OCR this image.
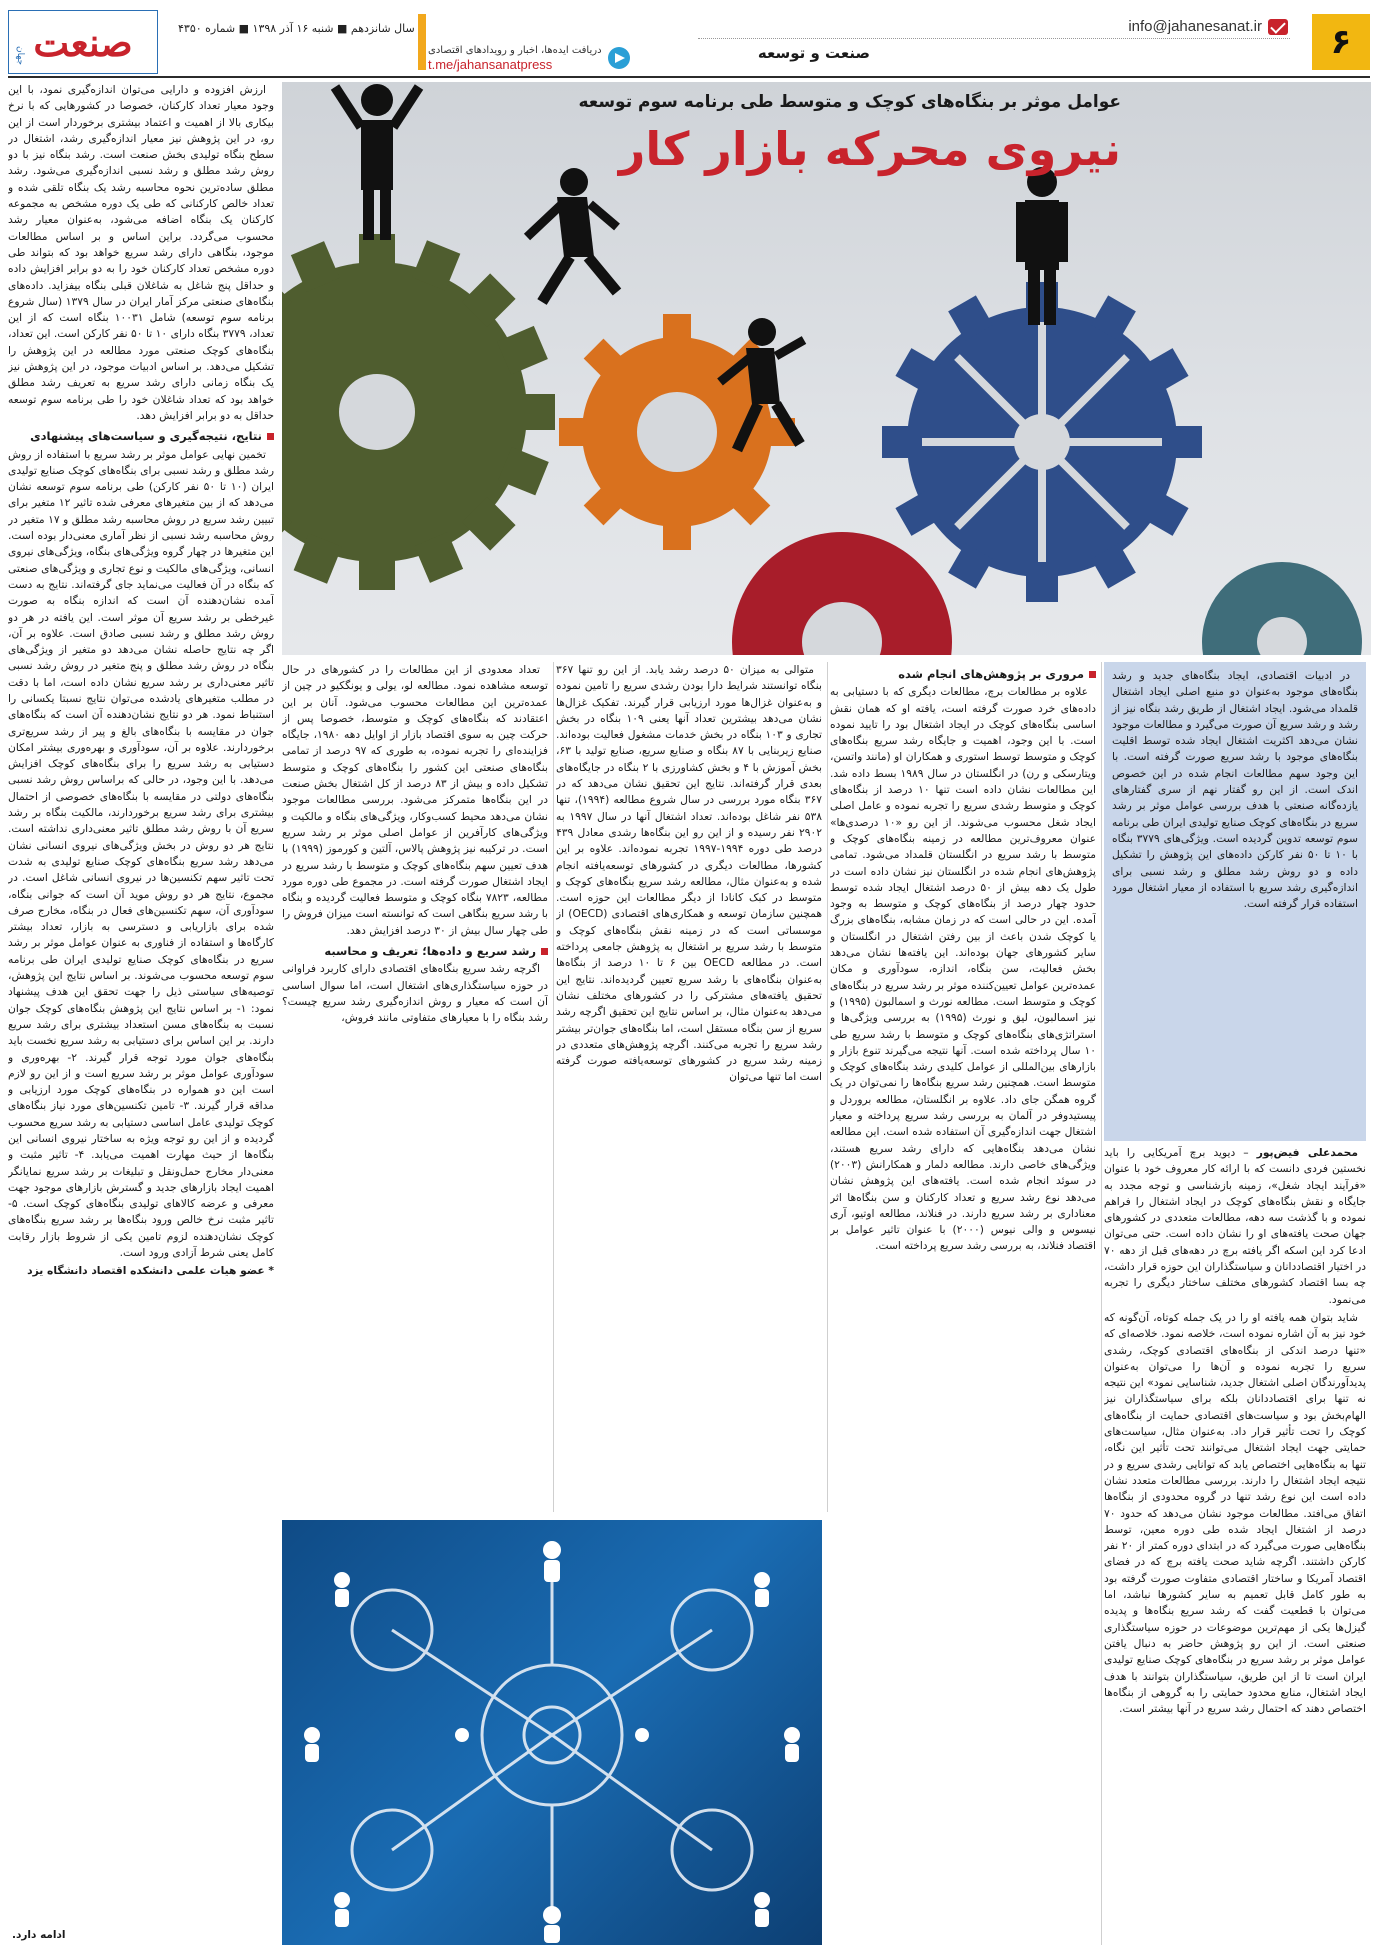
۶
info@jahanesanat.ir
صنعت و توسعه
دریافت ایده‌ها، اخبار و رویدادهای اقتصادی
t.me/jahansanatpress
سال شانزدهم ■ شنبه ۱۶ آذر ۱۳۹۸ ■ شماره ۴۳۵۰
صنعت
جهان
عوامل موثر بر بنگاه‌های کوچک و متوسط طی برنامه سوم توسعه
نیروی محرکه بازار کار

در ادبیات اقتصادی، ایجاد بنگاه‌های جدید و رشد بنگاه‌های موجود به‌عنوان دو منبع اصلی ایجاد اشتغال قلمداد می‌شود. ایجاد اشتغال از طریق رشد بنگاه نیز از رشد و رشد سریع آن صورت می‌گیرد و مطالعات موجود نشان می‌دهد اکثریت اشتغال ایجاد شده توسط اقلیت بنگاه‌های موجود با رشد سریع صورت گرفته است. با این وجود سهم مطالعات انجام شده در این خصوص اندک است. از این رو گفتار نهم از سری گفتارهای یازده‌گانه صنعتی با هدف بررسی عوامل موثر بر رشد سریع در بنگاه‌های کوچک صنایع تولیدی ایران طی برنامه سوم توسعه تدوین گردیده است. ویژگی‌های ۳۷۷۹ بنگاه با ۱۰ تا ۵۰ نفر کارکن داده‌های این پژوهش را تشکیل داده و دو روش رشد مطلق و رشد نسبی برای اندازه‌گیری رشد سریع با استفاده از معیار اشتغال مورد استفاده قرار گرفته است.

محمدعلی فیض‌پور – دیوید برچ آمریکایی را باید نخستین فردی دانست که با ارائه کار معروف خود با عنوان «فرآیند ایجاد شغل»، زمینه بازشناسی و توجه مجدد به جایگاه و نقش بنگاه‌های کوچک در ایجاد اشتغال را فراهم نموده و با گذشت سه دهه، مطالعات متعددی در کشورهای جهان صحت یافته‌های او را نشان داده است. حتی می‌توان ادعا کرد این اسکه اگر یافته برچ در دهه‌های قبل از دهه ۷۰ در اختیار اقتصاددانان و سیاستگذاران این حوزه قرار داشت، چه بسا اقتصاد کشورهای مختلف ساختار دیگری را تجربه می‌نمود.

شاید بتوان همه یافته او را در یک جمله کوتاه، آن‌گونه که خود نیز به آن اشاره نموده است، خلاصه نمود. خلاصه‌ای که «تنها درصد اندکی از بنگاه‌های اقتصادی کوچک، رشدی سریع را تجربه نموده و آن‌ها را می‌توان به‌عنوان پدیدآورندگان اصلی اشتغال جدید، شناسایی نمود» این نتیجه نه تنها برای اقتصاددانان بلکه برای سیاستگذاران نیز الهام‌بخش بود و سیاست‌های اقتصادی حمایت از بنگاه‌های کوچک را تحت تأثیر قرار داد. به‌عنوان مثال، سیاست‌های حمایتی جهت ایجاد اشتغال می‌توانند تحت تأثیر این نگاه، تنها به بنگاه‌هایی اختصاص یابد که توانایی رشدی سریع و در نتیجه ایجاد اشتغال را دارند. بررسی مطالعات متعدد نشان داده است این نوع رشد تنها در گروه محدودی از بنگاه‌ها اتفاق می‌افتد. مطالعات موجود نشان می‌دهد که حدود ۷۰ درصد از اشتغال ایجاد شده طی دوره معین، توسط بنگاه‌هایی صورت می‌گیرد که در ابتدای دوره کمتر از ۲۰ نفر کارکن داشتند. اگرچه شاید صحت یافته برچ که در فضای اقتصاد آمریکا و ساختار اقتصادی متفاوت صورت گرفته بود به طور کامل قابل تعمیم به سایر کشورها نباشد، اما می‌توان با قطعیت گفت که رشد سریع بنگاه‌ها و پدیده گیزل‌ها یکی از مهم‌ترین موضوعات در حوزه سیاستگذاری صنعتی است. از این رو پژوهش حاضر به دنبال یافتن عوامل موثر بر رشد سریع در بنگاه‌های کوچک صنایع تولیدی ایران است تا از این طریق، سیاستگذاران بتوانند با هدف ایجاد اشتغال، منابع محدود حمایتی را به گروهی از بنگاه‌ها اختصاص دهند که احتمال رشد سریع در آنها بیشتر است.

مروری بر پژوهش‌های انجام شده

علاوه بر مطالعات برچ، مطالعات دیگری که با دستیابی به داده‌های خرد صورت گرفته است، یافته او که همان نقش اساسی بنگاه‌های کوچک در ایجاد اشتغال بود را تایید نموده است. با این وجود، اهمیت و جایگاه رشد سریع بنگاه‌های کوچک و متوسط توسط استوری و همکاران او (مانند واتسن، ویتارسکی و رن) در انگلستان در سال ۱۹۸۹ بسط داده شد. این مطالعات نشان داده است تنها ۱۰ درصد از بنگاه‌های کوچک و متوسط رشدی سریع را تجربه نموده و عامل اصلی ایجاد شغل محسوب می‌شوند. از این رو «۱۰ درصدی‌ها» عنوان معروف‌ترین مطالعه در زمینه بنگاه‌های کوچک و متوسط با رشد سریع در انگلستان قلمداد می‌شود. تمامی پژوهش‌های انجام شده در انگلستان نیز نشان داده است در طول یک دهه بیش از ۵۰ درصد اشتغال ایجاد شده توسط حدود چهار درصد از بنگاه‌های کوچک و متوسط به وجود آمده. این در حالی است که در زمان مشابه، بنگاه‌های بزرگ یا کوچک شدن باعث از بین رفتن اشتغال در انگلستان و سایر کشورهای جهان بوده‌اند. این یافته‌ها نشان می‌دهد بخش فعالیت، سن بنگاه، اندازه، سودآوری و مکان عمده‌ترین عوامل تعیین‌کننده موثر بر رشد سریع در بنگاه‌های کوچک و متوسط است. مطالعه نورث و اسمالبون (۱۹۹۵) و نیز اسمالبون، لیق و نورث (۱۹۹۵) به بررسی ویژگی‌ها و استراتژی‌های بنگاه‌های کوچک و متوسط با رشد سریع طی ۱۰ سال پرداخته شده است. آنها نتیجه می‌گیرند تنوع بازار و بازارهای بین‌المللی از عوامل کلیدی رشد بنگاه‌های کوچک و متوسط است. همچنین رشد سریع بنگاه‌ها را نمی‌توان در یک گروه همگن جای داد. علاوه بر انگلستان، مطالعه بروردل و پیستیدوفر در آلمان به بررسی رشد سریع پرداخته و معیار اشتغال جهت اندازه‌گیری آن استفاده شده است. این مطالعه نشان می‌دهد بنگاه‌هایی که دارای رشد سریع هستند، ویژگی‌های خاصی دارند. مطالعه دلمار و همکارانش (۲۰۰۳) در سوئد انجام شده است. یافته‌های این پژوهش نشان می‌دهد نوع رشد سریع و تعداد کارکنان و سن بنگاه‌ها اثر معناداری بر رشد سریع دارند. در فنلاند، مطالعه اوتیو، آری نیسوس و والی نیوس (۲۰۰۰) با عنوان تاثیر عوامل بر اقتصاد فنلاند، به بررسی رشد سریع پرداخته است.

متوالی به میزان ۵۰ درصد رشد یابد. از این رو تنها ۳۶۷ بنگاه توانستند شرایط دارا بودن رشدی سریع را تامین نموده و به‌عنوان غزال‌ها مورد ارزیابی قرار گیرند. تفکیک غزال‌ها نشان می‌دهد بیشترین تعداد آنها یعنی ۱۰۹ بنگاه در بخش تجاری و ۱۰۳ بنگاه در بخش خدمات مشغول فعالیت بوده‌اند. صنایع زیربنایی با ۸۷ بنگاه و صنایع سریع، صنایع تولید با ۶۳، بخش آموزش با ۴ و بخش کشاورزی با ۲ بنگاه در جایگاه‌های بعدی قرار گرفته‌اند. نتایج این تحقیق نشان می‌دهد که در ۳۶۷ بنگاه مورد بررسی در سال شروع مطالعه (۱۹۹۴)، تنها ۵۳۸ نفر شاغل بوده‌اند. تعداد اشتغال آنها در سال ۱۹۹۷ به ۲۹۰۲ نفر رسیده و از این رو این بنگاه‌ها رشدی معادل ۴۳۹ درصد طی دوره ۱۹۹۴-۱۹۹۷ تجربه نموده‌اند. علاوه بر این کشورها، مطالعات دیگری در کشورهای توسعه‌یافته انجام شده و به‌عنوان مثال، مطالعه رشد سریع بنگاه‌های کوچک و متوسط در کبک کانادا از دیگر مطالعات این حوزه است. همچنین سازمان توسعه و همکاری‌های اقتصادی (OECD) از موسساتی است که در زمینه نقش بنگاه‌های کوچک و متوسط با رشد سریع بر اشتغال به پژوهش جامعی پرداخته است. در مطالعه OECD بین ۶ تا ۱۰ درصد از بنگاه‌ها به‌عنوان بنگاه‌های با رشد سریع تعیین گردیده‌اند. نتایج این تحقیق یافته‌های مشترکی را در کشورهای مختلف نشان می‌دهد به‌عنوان مثال، بر اساس نتایج این تحقیق اگرچه رشد سریع از سن بنگاه مستقل است، اما بنگاه‌های جوان‌تر بیشتر رشد سریع را تجربه می‌کنند. اگرچه پژوهش‌های متعددی در زمینه رشد سریع در کشورهای توسعه‌یافته صورت گرفته است اما تنها می‌توان

تعداد معدودی از این مطالعات را در کشورهای در حال توسعه مشاهده نمود. مطالعه لو، یولی و یونگکیو در چین از عمده‌ترین این مطالعات محسوب می‌شود. آنان بر این اعتقادند که بنگاه‌های کوچک و متوسط، خصوصا پس از حرکت چین به سوی اقتصاد بازار از اوایل دهه ۱۹۸۰، جایگاه فزاینده‌ای را تجربه نموده، به طوری که ۹۷ درصد از تمامی بنگاه‌های صنعتی این کشور را بنگاه‌های کوچک و متوسط تشکیل داده و بیش از ۸۳ درصد از کل اشتغال بخش صنعت در این بنگاه‌ها متمرکز می‌شود. بررسی مطالعات موجود نشان می‌دهد محیط کسب‌وکار، ویژگی‌های بنگاه و مالکیت و ویژگی‌های کارآفرین از عوامل اصلی موثر بر رشد سریع است. در ترکیبه نیز پژوهش پالاس، آلتین و کورموز (۱۹۹۹) با هدف تعیین سهم بنگاه‌های کوچک و متوسط با رشد سریع در ایجاد اشتغال صورت گرفته است. در مجموع طی دوره مورد مطالعه، ۷۸۲۳ بنگاه کوچک و متوسط فعالیت گردیده و بنگاه با رشد سریع بنگاهی است که توانسته است میزان فروش را طی چهار سال بیش از ۳۰ درصد افزایش دهد.

رشد سریع و داده‌ها؛ تعریف و محاسبه

اگرچه رشد سریع بنگاه‌های اقتصادی دارای کاربرد فراوانی در حوزه سیاستگذاری‌های اشتغال است، اما سوال اساسی آن است که معیار و روش اندازه‌گیری رشد سریع چیست؟ رشد بنگاه را با معیارهای متفاوتی مانند فروش،

ارزش افزوده و دارایی می‌توان اندازه‌گیری نمود، با این وجود معیار تعداد کارکنان، خصوصا در کشورهایی که با نرخ بیکاری بالا از اهمیت و اعتماد بیشتری برخوردار است از این رو، در این پژوهش نیز معیار اندازه‌گیری رشد، اشتغال در سطح بنگاه تولیدی بخش صنعت است. رشد بنگاه نیز با دو روش رشد مطلق و رشد نسبی اندازه‌گیری می‌شود. رشد مطلق ساده‌ترین نحوه محاسبه رشد یک بنگاه تلقی شده و تعداد خالص کارکنانی که طی یک دوره مشخص به مجموعه کارکنان یک بنگاه اضافه می‌شود، به‌عنوان معیار رشد محسوب می‌گردد. براین اساس و بر اساس مطالعات موجود، بنگاهی دارای رشد سریع خواهد بود که بتواند طی دوره مشخص تعداد کارکنان خود را به دو برابر افزایش داده و حداقل پنج شاغل به شاغلان قبلی بنگاه بیفزاید. داده‌های بنگاه‌های صنعتی مرکز آمار ایران در سال ۱۳۷۹ (سال شروع برنامه سوم توسعه) شامل ۱۰۰۳۱ بنگاه است که از این تعداد، ۳۷۷۹ بنگاه دارای ۱۰ تا ۵۰ نفر کارکن است. این تعداد، بنگاه‌های کوچک صنعتی مورد مطالعه در این پژوهش را تشکیل می‌دهد. بر اساس ادبیات موجود، در این پژوهش نیز یک بنگاه زمانی دارای رشد سریع به تعریف رشد مطلق خواهد بود که تعداد شاغلان خود را طی برنامه سوم توسعه حداقل به دو برابر افزایش دهد.

نتایج، نتیجه‌گیری و سیاست‌های پیشنهادی

تخمین نهایی عوامل موثر بر رشد سریع با استفاده از روش رشد مطلق و رشد نسبی برای بنگاه‌های کوچک صنایع تولیدی ایران (۱۰ تا ۵۰ نفر کارکن) طی برنامه سوم توسعه نشان می‌دهد که از بین متغیرهای معرفی شده تاثیر ۱۲ متغیر برای تبیین رشد سریع در روش محاسبه رشد مطلق و ۱۷ متغیر در روش محاسبه رشد نسبی از نظر آماری معنی‌دار بوده است. این متغیرها در چهار گروه ویژگی‌های بنگاه، ویژگی‌های نیروی انسانی، ویژگی‌های مالکیت و نوع تجاری و ویژگی‌های صنعتی که بنگاه در آن فعالیت می‌نماید جای گرفته‌اند. نتایج به دست آمده نشان‌دهنده آن است که اندازه بنگاه به صورت غیرخطی بر رشد سریع آن موثر است. این یافته در هر دو روش رشد مطلق و رشد نسبی صادق است. علاوه بر آن، اگر چه نتایج حاصله نشان می‌دهد دو متغیر از ویژگی‌های بنگاه در روش رشد مطلق و پنج متغیر در روش رشد نسبی تاثیر معنی‌داری بر رشد سریع نشان داده است، اما با دقت در مطلب متغیرهای یادشده می‌توان نتایج نسبتا یکسانی را استنباط نمود. هر دو نتایج نشان‌دهنده آن است که بنگاه‌های جوان در مقایسه با بنگاه‌های بالغ و پیر از رشد سریع‌تری برخوردارند. علاوه بر آن، سودآوری و بهره‌وری بیشتر امکان دستیابی به رشد سریع را برای بنگاه‌های کوچک افزایش می‌دهد. با این وجود، در حالی که براساس روش رشد نسبی بنگاه‌های دولتی در مقایسه با بنگاه‌های خصوصی از احتمال بیشتری برای رشد سریع برخوردارند، مالکیت بنگاه بر رشد سریع آن با روش رشد مطلق تاثیر معنی‌داری نداشته است. نتایج هر دو روش در بخش ویژگی‌های نیروی انسانی نشان می‌دهد رشد سریع بنگاه‌های کوچک صنایع تولیدی به شدت تحت تاثیر سهم تکنسین‌ها در نیروی انسانی شاغل است. در مجموع، نتایج هر دو روش موید آن است که جوانی بنگاه، سودآوری آن، سهم تکنسین‌های فعال در بنگاه، مخارج صرف شده برای بازاریابی و دسترسی به بازار، تعداد بیشتر کارگاه‌ها و استفاده از فناوری به عنوان عوامل موثر بر رشد سریع در بنگاه‌های کوچک صنایع تولیدی ایران طی برنامه سوم توسعه محسوب می‌شوند. بر اساس نتایج این پژوهش، توصیه‌های سیاستی ذیل را جهت تحقق این هدف پیشنهاد نمود: ۱- بر اساس نتایج این پژوهش بنگاه‌های کوچک جوان نسبت به بنگاه‌های مسن استعداد بیشتری برای رشد سریع دارند. بر این اساس برای دستیابی به رشد سریع نخست باید بنگاه‌های جوان مورد توجه قرار گیرند. ۲- بهره‌وری و سودآوری عوامل موثر بر رشد سریع است و از این رو لازم است این دو همواره در بنگاه‌های کوچک مورد ارزیابی و مداقه قرار گیرند. ۳- تامین تکنسین‌های مورد نیاز بنگاه‌های کوچک تولیدی عامل اساسی دستیابی به رشد سریع محسوب گردیده و از این رو توجه ویژه به ساختار نیروی انسانی این بنگاه‌ها از حیث مهارت اهمیت می‌یابد. ۴- تاثیر مثبت و معنی‌دار مخارج حمل‌ونقل و تبلیغات بر رشد سریع نمایانگر اهمیت ایجاد بازارهای جدید و گسترش بازارهای موجود جهت معرفی و عرضه کالاهای تولیدی بنگاه‌های کوچک است. ۵- تاثیر مثبت نرخ خالص ورود بنگاه‌ها بر رشد سریع بنگاه‌های کوچک نشان‌دهنده لزوم تامین یکی از شروط بازار رقابت کامل یعنی شرط آزادی ورود است.

* عضو هیات علمی دانشکده اقتصاد دانشگاه یزد

ادامه دارد.
